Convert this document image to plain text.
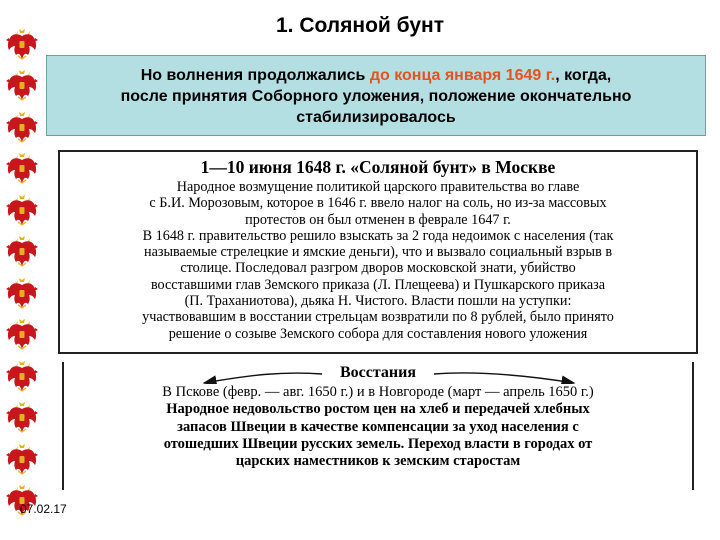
1. Соляной бунт
Но волнения продолжались до конца января 1649 г., когда,
после принятия Соборного уложения, положение окончательно
стабилизировалось
1—10 июня 1648 г. «Соляной бунт» в Москве

Народное возмущение политикой царского правительства во главе

с Б.И. Морозовым, которое в 1646 г. ввело налог на соль, но из-за массовых

протестов он был отменен в феврале 1647 г.

В 1648 г. правительство решило взыскать за 2 года недоимок с населения (так

называемые стрелецкие и ямские деньги), что и вызвало социальный взрыв в

столице. Последовал разгром дворов московской знати, убийство

восставшими глав Земского приказа (Л. Плещеева) и Пушкарского приказа

(П. Траханиотова), дьяка Н. Чистого. Власти пошли на уступки:

участвовавшим в восстании стрельцам возвратили по 8 рублей, было принято

решение о созыве Земского собора для составления нового уложения

Восстания

В Пскове (февр. — авг. 1650 г.) и в Новгороде (март — апрель 1650 г.)

Народное недовольство ростом цен на хлеб и передачей хлебных

запасов Швеции в качестве компенсации за уход населения с

отошедших Швеции русских земель. Переход власти в городах от

царских наместников к земским старостам

07.02.17
